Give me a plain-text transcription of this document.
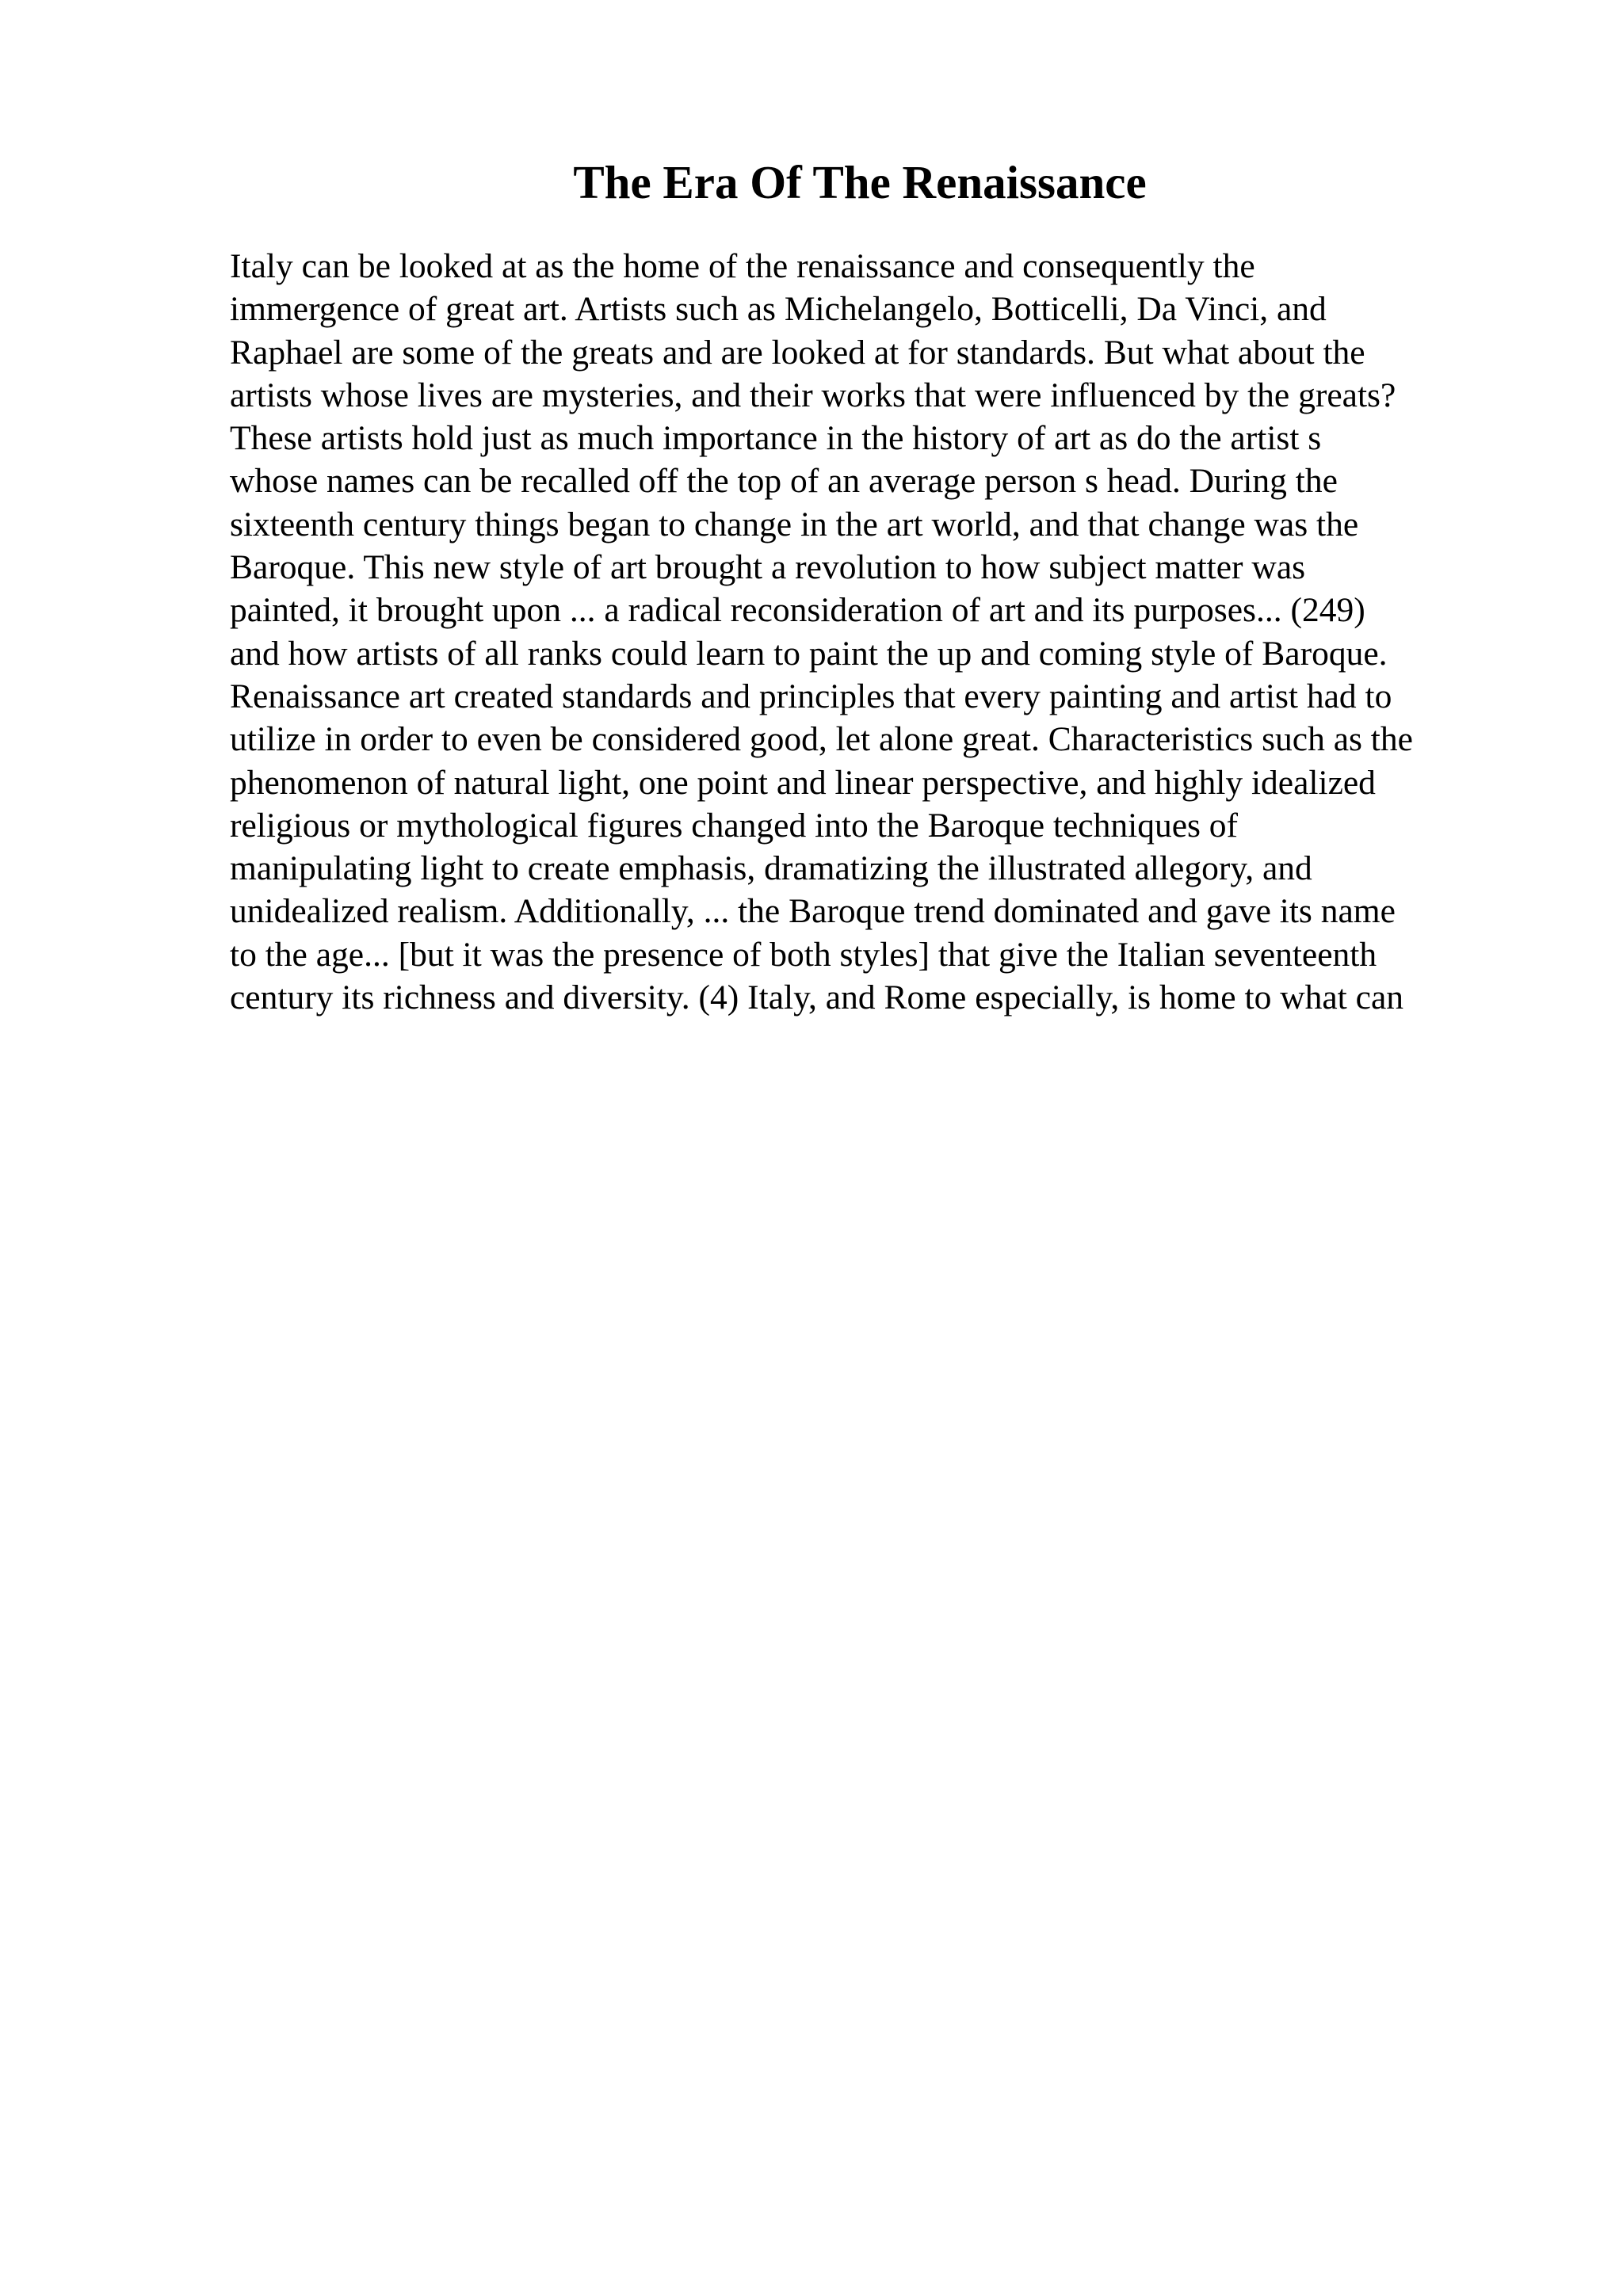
The Era Of The Renaissance
Italy can be looked at as the home of the renaissance and consequently the
immergence of great art. Artists such as Michelangelo, Botticelli, Da Vinci, and
Raphael are some of the greats and are looked at for standards. But what about the
artists whose lives are mysteries, and their works that were influenced by the greats?
These artists hold just as much importance in the history of art as do the artist s
whose names can be recalled off the top of an average person s head. During the
sixteenth century things began to change in the art world, and that change was the
Baroque. This new style of art brought a revolution to how subject matter was
painted, it brought upon ... a radical reconsideration of art and its purposes... (249)
and how artists of all ranks could learn to paint the up and coming style of Baroque.
Renaissance art created standards and principles that every painting and artist had to
utilize in order to even be considered good, let alone great. Characteristics such as the
phenomenon of natural light, one point and linear perspective, and highly idealized
religious or mythological figures changed into the Baroque techniques of
manipulating light to create emphasis, dramatizing the illustrated allegory, and
unidealized realism. Additionally, ... the Baroque trend dominated and gave its name
to the age... [but it was the presence of both styles] that give the Italian seventeenth
century its richness and diversity. (4) Italy, and Rome especially, is home to what can
